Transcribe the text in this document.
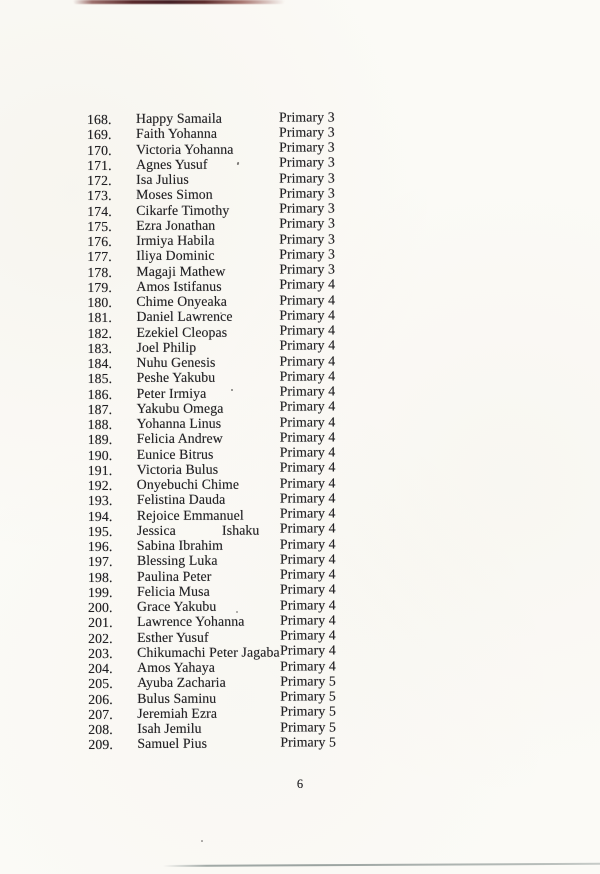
168.	Happy Samaila	Primary 3
169.	Faith Yohanna	Primary 3
170.	Victoria Yohanna	Primary 3
171.	Agnes Yusuf	Primary 3
172.	Isa Julius	Primary 3
173.	Moses Simon	Primary 3
174.	Cikarfe Timothy	Primary 3
175.	Ezra Jonathan	Primary 3
176.	Irmiya Habila	Primary 3
177.	Iliya Dominic	Primary 3
178.	Magaji Mathew	Primary 3
179.	Amos Istifanus	Primary 4
180.	Chime Onyeaka	Primary 4
181.	Daniel Lawrence	Primary 4
182.	Ezekiel Cleopas	Primary 4
183.	Joel Philip	Primary 4
184.	Nuhu Genesis	Primary 4
185.	Peshe Yakubu	Primary 4
186.	Peter Irmiya	Primary 4
187.	Yakubu Omega	Primary 4
188.	Yohanna Linus	Primary 4
189.	Felicia Andrew	Primary 4
190.	Eunice Bitrus	Primary 4
191.	Victoria Bulus	Primary 4
192.	Onyebuchi Chime	Primary 4
193.	Felistina Dauda	Primary 4
194.	Rejoice Emmanuel	Primary 4
195.	Jessica             Ishaku	Primary 4
196.	Sabina Ibrahim	Primary 4
197.	Blessing Luka	Primary 4
198.	Paulina Peter	Primary 4
199.	Felicia Musa	Primary 4
200.	Grace Yakubu	Primary 4
201.	Lawrence Yohanna	Primary 4
202.	Esther Yusuf	Primary 4
203.	Chikumachi Peter Jagaba Primary 4
204.	Amos Yahaya	Primary 4
205.	Ayuba Zacharia	Primary 5
206.	Bulus Saminu	Primary 5
207.	Jeremiah Ezra	Primary 5
208.	Isah Jemilu	Primary 5
209.	Samuel Pius	Primary 5
6
